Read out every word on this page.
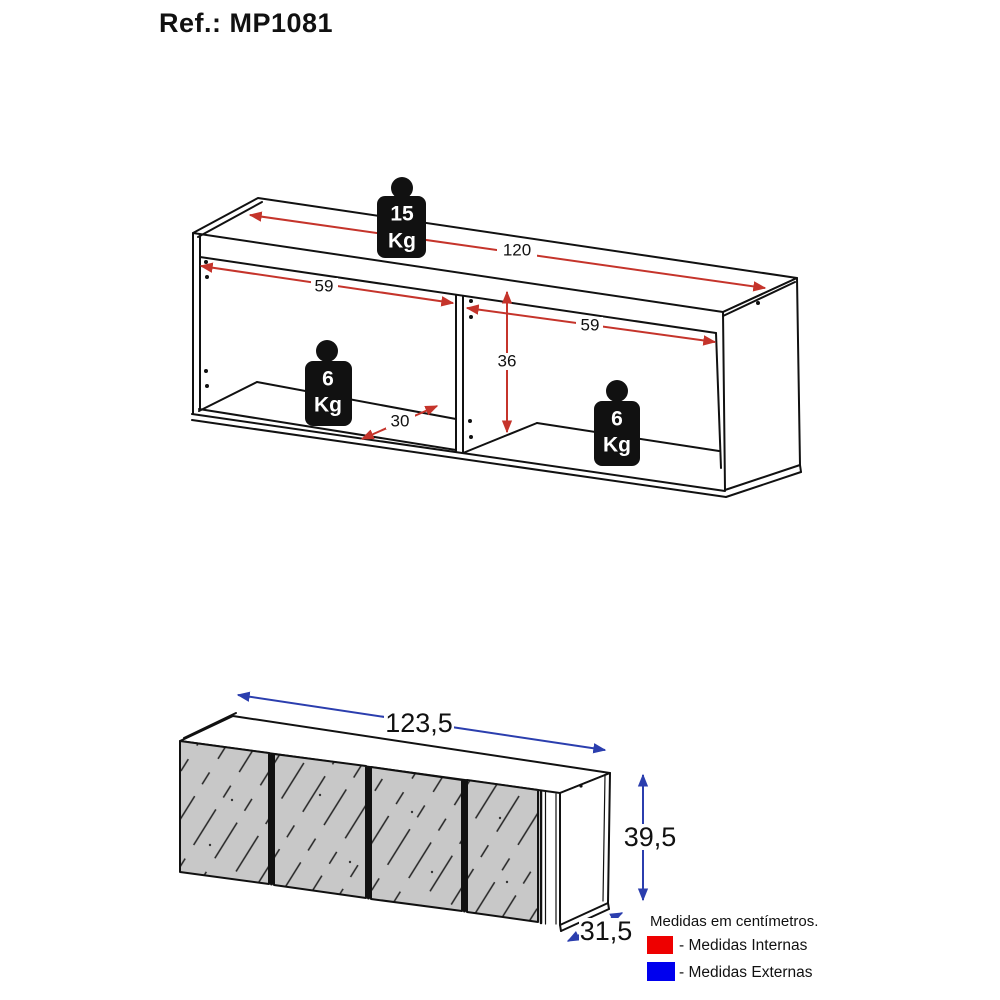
Ref.: MP1081
120
59
59
36
30
15
Kg
6
Kg
6
Kg
123,5
39,5
31,5 Medidas em centímetros.
- Medidas Internas
- Medidas Externas
